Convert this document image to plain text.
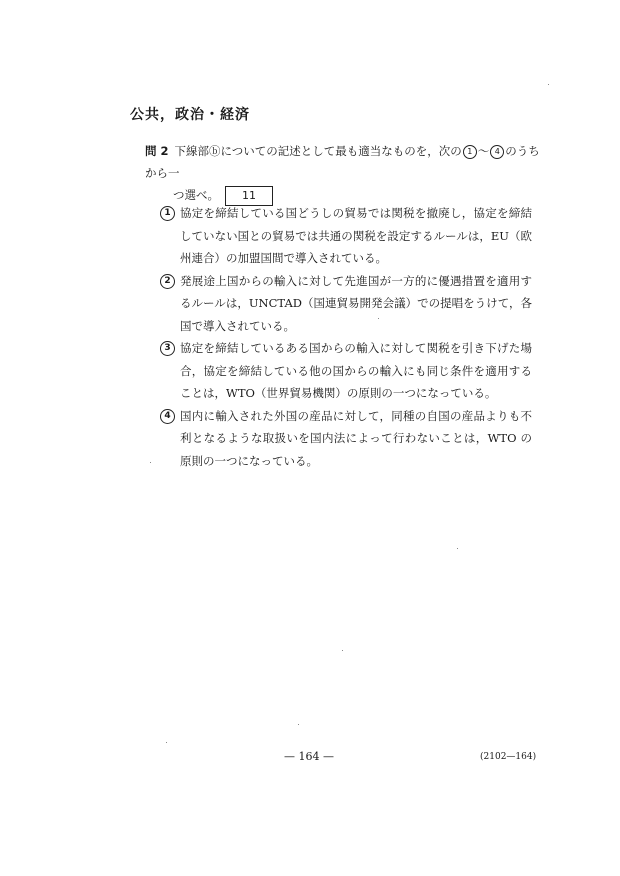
公共，政治・経済
問 2 下線部ⓑについての記述として最も適当なものを，次の 1 ～ 4 のうちから一
つ選べ。 11
1 協定を締結している国どうしの貿易では関税を撤廃し，協定を締結していない国との貿易では共通の関税を設定するルールは，EU（欧州連合）の加盟国間で導入されている。
2 発展途上国からの輸入に対して先進国が一方的に優遇措置を適用するルールは，UNCTAD（国連貿易開発会議）での提唱をうけて，各国で導入されている。
3 協定を締結しているある国からの輸入に対して関税を引き下げた場合，協定を締結している他の国からの輸入にも同じ条件を適用することは，WTO（世界貿易機関）の原則の一つになっている。
4 国内に輸入された外国の産品に対して，同種の自国の産品よりも不利となるような取扱いを国内法によって行わないことは，WTO の原則の一つになっている。
— 164 —	(2102—164)
